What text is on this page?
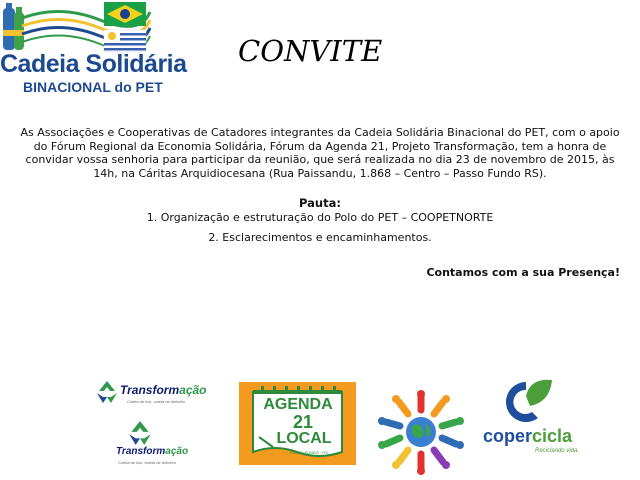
Cadeia Solidária
BINACIONAL do PET
CONVITE
As Associações e Cooperativas de Catadores integrantes da Cadeia Solidária Binacional do PET, com o apoio do Fórum Regional da Economia Solidária, Fórum da Agenda 21, Projeto Transformação, tem a honra de convidar vossa senhoria para participar da reunião, que será realizada no dia 23 de novembro de 2015, às 14h, na Cáritas Arquidiocesana (Rua Paissandu, 1.868 – Centro – Passo Fundo RS).
Pauta:
1. Organização e estruturação do Polo do PET – COOPETNORTE
2. Esclarecimentos e encaminhamentos.
Contamos com a sua Presença!
Transformação
Coleta de lixo, coleta de dinheiro
Transformação
Coleta de lixo, coleta de dinheiro
AGENDA
21
LOCAL
PASSO FUNDO - RS
copercicla
Reciclando vida.
